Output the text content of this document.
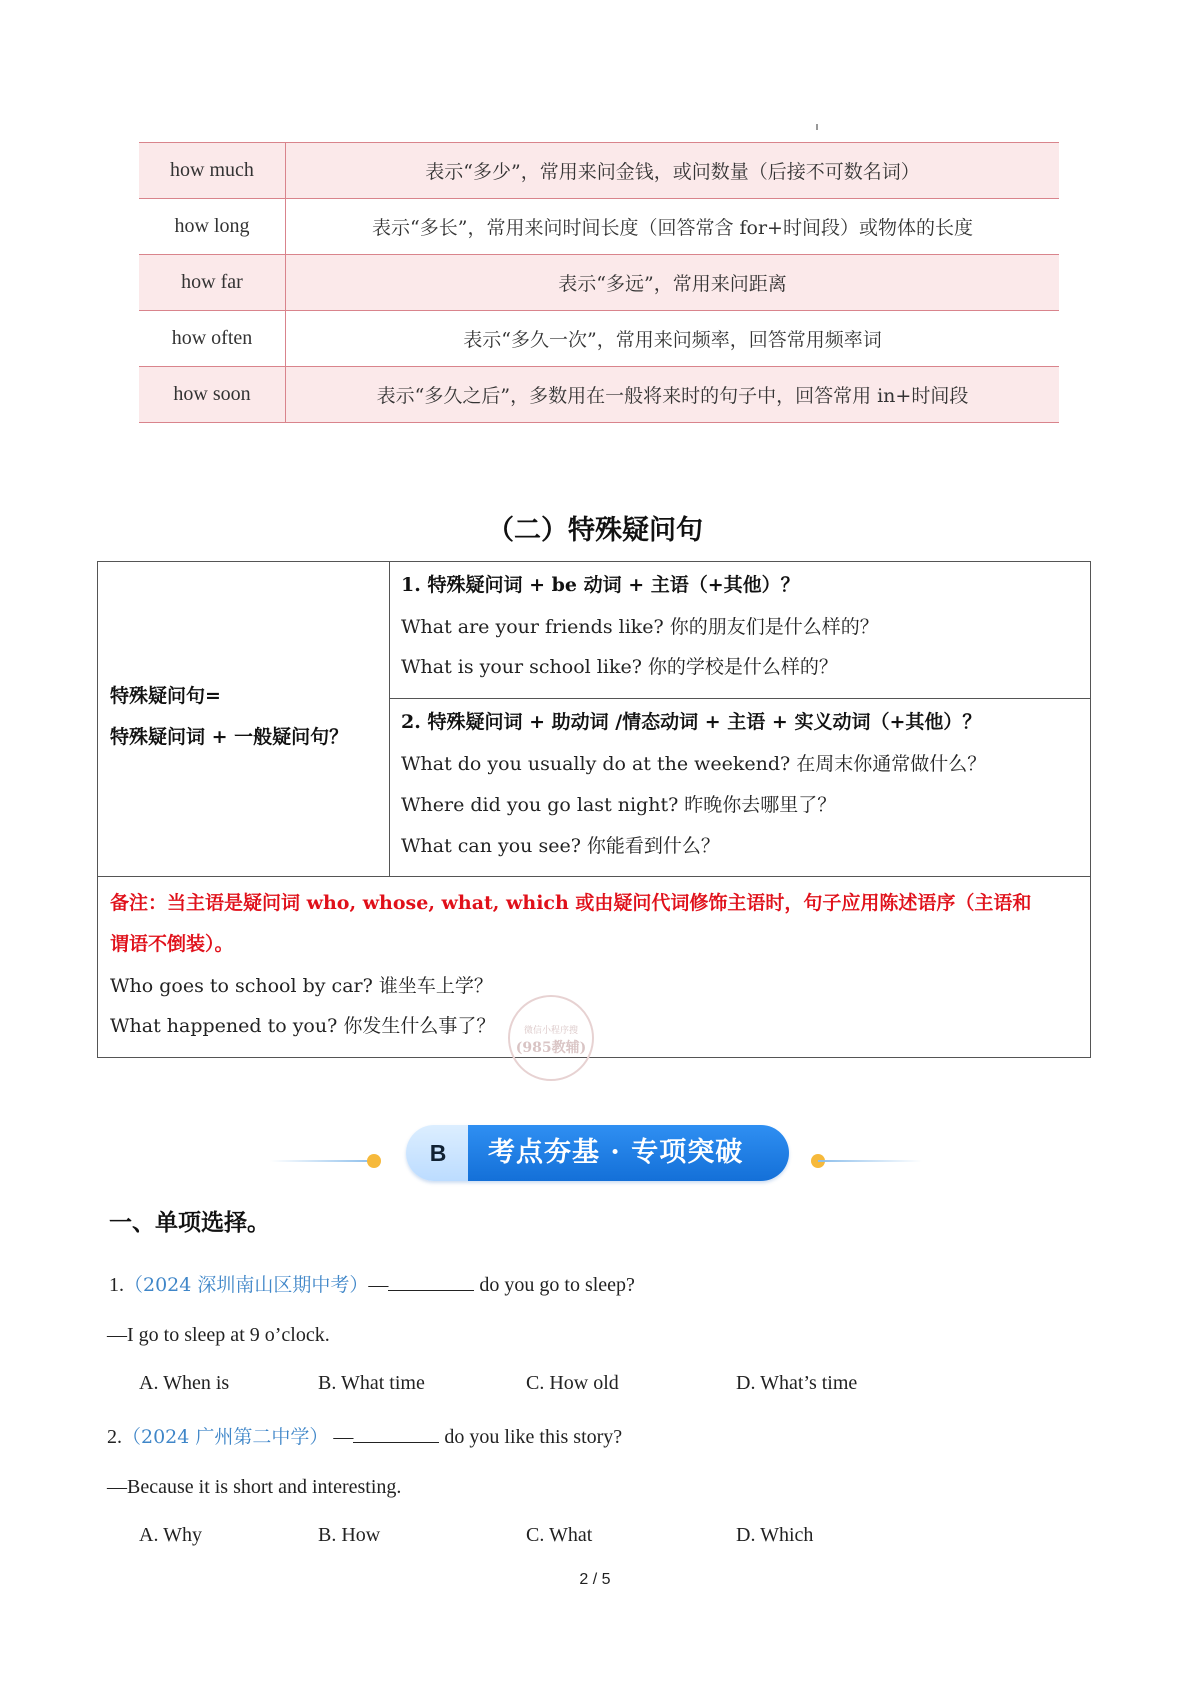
how much	表示“多少”，常用来问金钱，或问数量（后接不可数名词）
how long	表示“多长”，常用来问时间长度（回答常含 for+时间段）或物体的长度
how far	表示“多远”，常用来问距离
how often	表示“多久一次”，常用来问频率，回答常用频率词
how soon	表示“多久之后”，多数用在一般将来时的句子中，回答常用 in+时间段
（二）特殊疑问句
特殊疑问句=
特殊疑问词 + 一般疑问句？
1. 特殊疑问词 + be 动词 + 主语（+其他）？
What are your friends like? 你的朋友们是什么样的？
What is your school like? 你的学校是什么样的？
2. 特殊疑问词 + 助动词 /情态动词 + 主语 + 实义动词（+其他）？
What do you usually do at the weekend? 在周末你通常做什么？
Where did you go last night? 昨晚你去哪里了？
What can you see? 你能看到什么？
备注：当主语是疑问词 who, whose, what, which 或由疑问代词修饰主语时，句子应用陈述语序（主语和
谓语不倒装）。
Who goes to school by car? 谁坐车上学？
What happened to you? 你发生什么事了？	微信小程序搜
(985教辅)
B	考点夯基 · 专项突破
一、单项选择。
1.（2024 深圳南山区期中考）—	do you go to sleep?
—I go to sleep at 9 o’clock.
A. When is	B. What time	C. How old	D. What’s time
2.（2024 广州第二中学） —	do you like this story?
—Because it is short and interesting.
A. Why	B. How	C. What	D. Which
2 / 5
